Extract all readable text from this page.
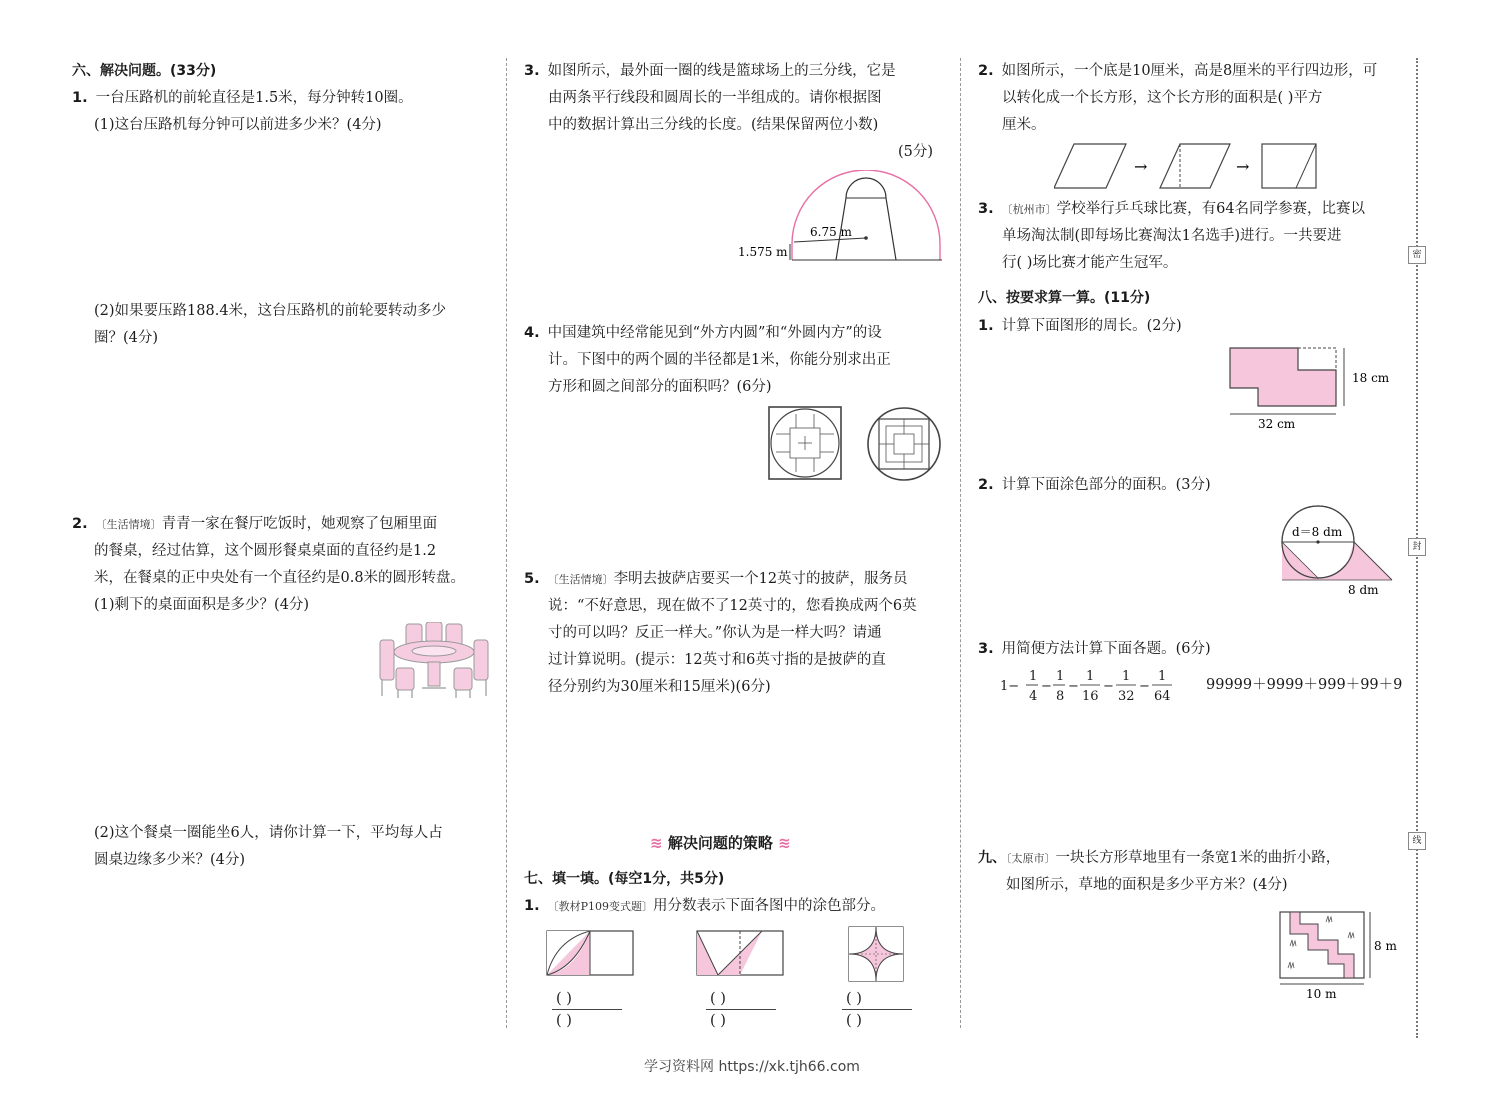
密
封
线
六、解决问题。(33分)
1. 一台压路机的前轮直径是1.5米，每分钟转10圈。
(1)这台压路机每分钟可以前进多少米？(4分)
(2)如果要压路188.4米，这台压路机的前轮要转动多少
圈？(4分)
2. 〔生活情境〕青青一家在餐厅吃饭时，她观察了包厢里面
的餐桌，经过估算，这个圆形餐桌桌面的直径约是1.2
米，在餐桌的正中央处有一个直径约是0.8米的圆形转盘。
(1)剩下的桌面面积是多少？(4分)
(2)这个餐桌一圈能坐6人，请你计算一下，平均每人占
圆桌边缘多少米？(4分)
3. 如图所示，最外面一圈的线是篮球场上的三分线，它是
由两条平行线段和圆周长的一半组成的。请你根据图
中的数据计算出三分线的长度。(结果保留两位小数)
(5分)
6.75 m
1.575 m
4. 中国建筑中经常能见到“外方内圆”和“外圆内方”的设
计。下图中的两个圆的半径都是1米，你能分别求出正
方形和圆之间部分的面积吗？(6分)
5. 〔生活情境〕李明去披萨店要买一个12英寸的披萨，服务员
说：“不好意思，现在做不了12英寸的，您看换成两个6英
寸的可以吗？反正一样大。”你认为是一样大吗？请通
过计算说明。(提示：12英寸和6英寸指的是披萨的直
径分别约为30厘米和15厘米)(6分)
≋ 解决问题的策略 ≋
七、填一填。(每空1分，共5分)
1. 〔教材P109变式题〕用分数表示下面各图中的涂色部分。
( )
( )
( )
( )
( )
( )
2. 如图所示，一个底是10厘米，高是8厘米的平行四边形，可
以转化成一个长方形，这个长方形的面积是( )平方
厘米。
→	→
3. 〔杭州市〕学校举行乒乓球比赛，有64名同学参赛，比赛以
单场淘汰制(即每场比赛淘汰1名选手)进行。一共要进
行( )场比赛才能产生冠军。
八、按要求算一算。(11分)
1. 计算下面图形的周长。(2分)
32 cm
18 cm
2. 计算下面涂色部分的面积。(3分)
d＝8 dm
8 dm
3. 用简便方法计算下面各题。(6分)
1−
1
4
−
1
8
−
1
16
−
1
32
−
1
64
99999＋9999＋999＋99＋9
九、〔太原市〕一块长方形草地里有一条宽1米的曲折小路，
如图所示，草地的面积是多少平方米？(4分)
8 m
10 m
学习资料网 https://xk.tjh66.com
